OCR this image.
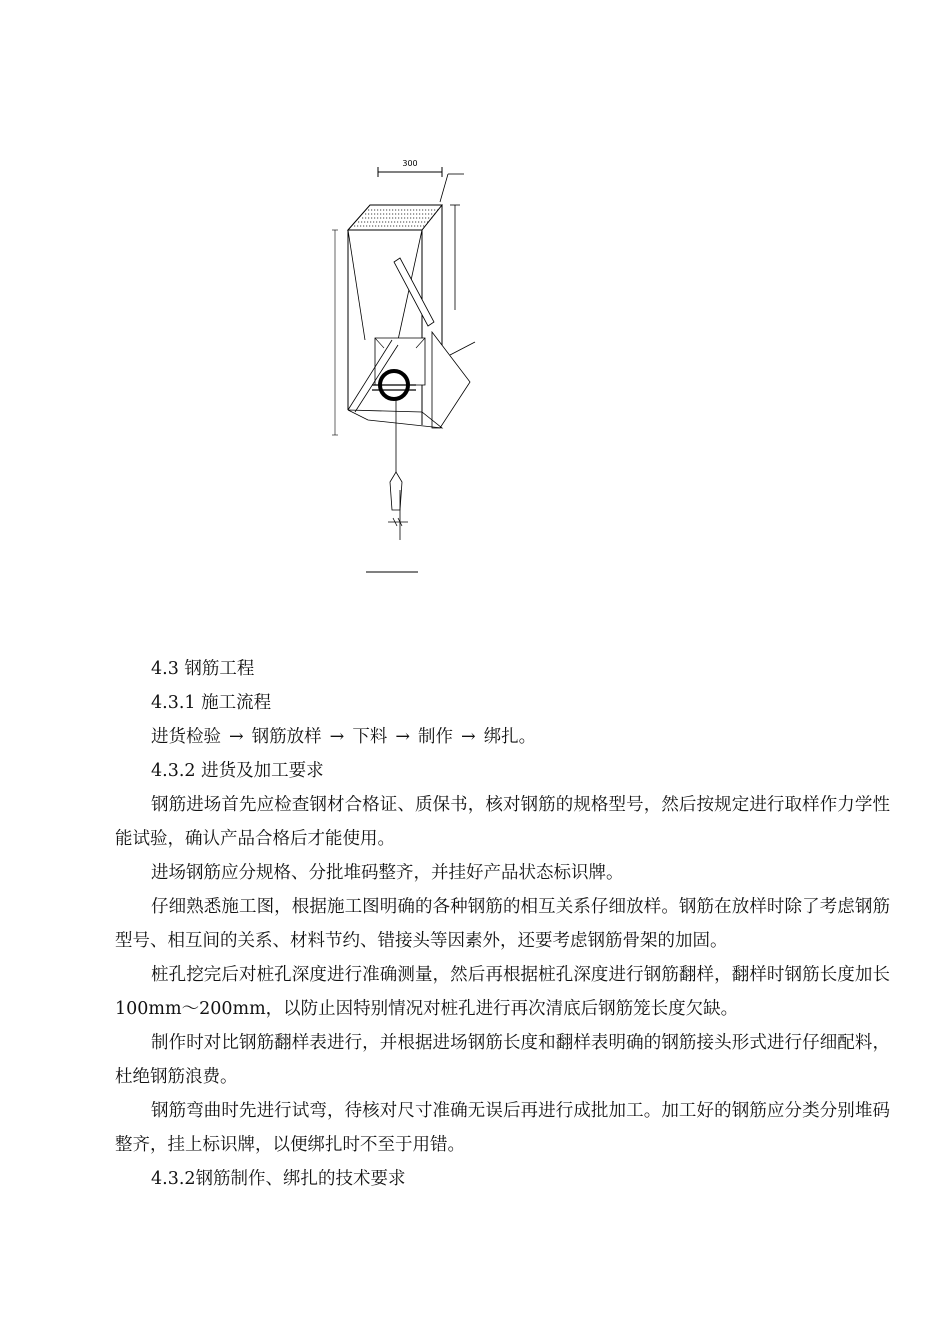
300

4.3 钢筋工程

4.3.1 施工流程

进货检验 → 钢筋放样 → 下料 → 制作 → 绑扎。

4.3.2 进货及加工要求

钢筋进场首先应检查钢材合格证、质保书，核对钢筋的规格型号，然后按规定进行取样作力学性能试验，确认产品合格后才能使用。

进场钢筋应分规格、分批堆码整齐，并挂好产品状态标识牌。

仔细熟悉施工图，根据施工图明确的各种钢筋的相互关系仔细放样。钢筋在放样时除了考虑钢筋型号、相互间的关系、材料节约、错接头等因素外，还要考虑钢筋骨架的加固。

桩孔挖完后对桩孔深度进行准确测量，然后再根据桩孔深度进行钢筋翻样，翻样时钢筋长度加长100mm～200mm，以防止因特别情况对桩孔进行再次清底后钢筋笼长度欠缺。

制作时对比钢筋翻样表进行，并根据进场钢筋长度和翻样表明确的钢筋接头形式进行仔细配料，杜绝钢筋浪费。

钢筋弯曲时先进行试弯，待核对尺寸准确无误后再进行成批加工。加工好的钢筋应分类分别堆码整齐，挂上标识牌，以便绑扎时不至于用错。

4.3.2钢筋制作、绑扎的技术要求
